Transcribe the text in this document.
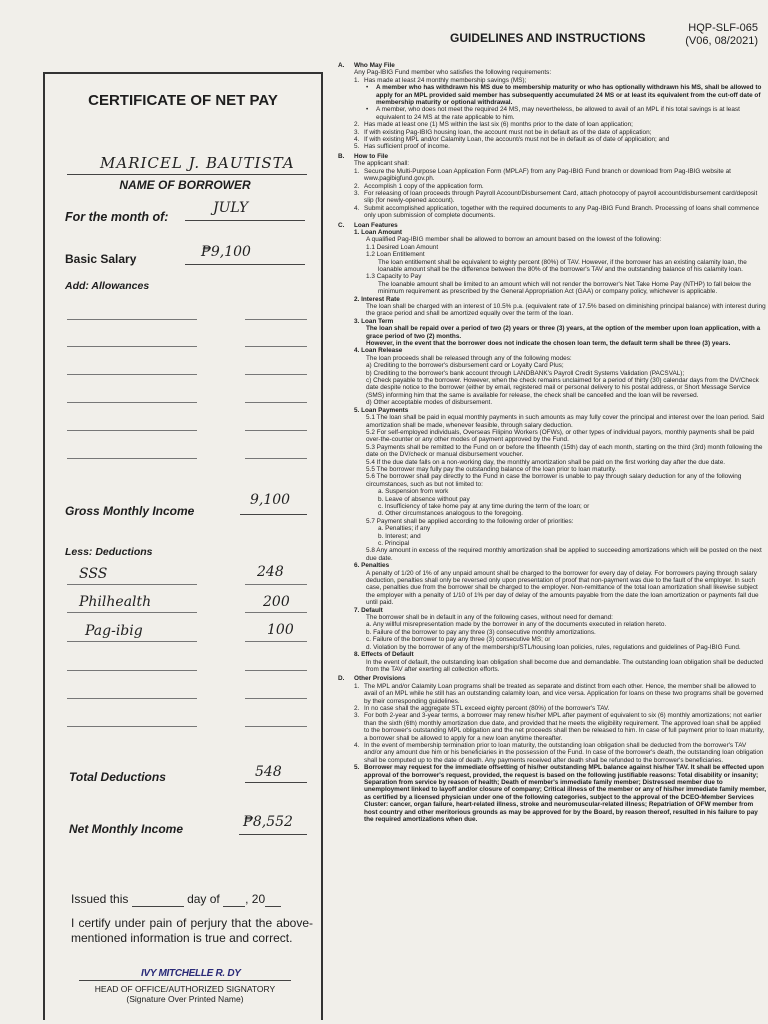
HQP-SLF-065
(V06, 08/2021)
GUIDELINES AND INSTRUCTIONS
CERTIFICATE OF NET PAY
MARICEL J. BAUTISTA
NAME OF BORROWER
For the month of:
JULY
Basic Salary	₱9,100
Add: Allowances
Gross Monthly Income
9,100
Less: Deductions
SSS	248
Philhealth	200
Pag-ibig	100
Total Deductions	548
Net Monthly Income	₱8,552
Issued this	day of , 20
I certify under pain of perjury that the above-mentioned information is true and correct.
IVY MITCHELLE R. DY
HEAD OF OFFICE/AUTHORIZED SIGNATORY
(Signature Over Printed Name)
A. Who May File
Any Pag-IBIG Fund member who satisfies the following requirements:
1. Has made at least 24 monthly membership savings (MS);
• A member who has withdrawn his MS due to membership maturity or who has optionally withdrawn his MS, shall be allowed to apply for an MPL provided said member has subsequently accumulated 24 MS or at least its equivalent from the cut-off date of membership maturity or optional withdrawal.
• A member, who does not meet the required 24 MS, may nevertheless, be allowed to avail of an MPL if his total savings is at least equivalent to 24 MS at the rate applicable to him.
2. Has made at least one (1) MS within the last six (6) months prior to the date of loan application;
3. If with existing Pag-IBIG housing loan, the account must not be in default as of the date of application;
4. If with existing MPL and/or Calamity Loan, the account/s must not be in default as of date of application; and
5. Has sufficient proof of income.
B. How to File
The applicant shall:
1. Secure the Multi-Purpose Loan Application Form (MPLAF) from any Pag-IBIG Fund branch or download from Pag-IBIG website at www.pagibigfund.gov.ph.
2. Accomplish 1 copy of the application form.
3. For releasing of loan proceeds through Payroll Account/Disbursement Card, attach photocopy of payroll account/disbursement card/deposit slip (for newly-opened account).
4. Submit accomplished application, together with the required documents to any Pag-IBIG Fund Branch. Processing of loans shall commence only upon submission of complete documents.
C. Loan Features
1. Loan Amount
A qualified Pag-IBIG member shall be allowed to borrow an amount based on the lowest of the following:
1.1 Desired Loan Amount
1.2 Loan Entitlement
The loan entitlement shall be equivalent to eighty percent (80%) of TAV. However, if the borrower has an existing calamity loan, the loanable amount shall be the difference between the 80% of the borrower's TAV and the outstanding balance of his calamity loan.
1.3 Capacity to Pay
The loanable amount shall be limited to an amount which will not render the borrower's Net Take Home Pay (NTHP) to fall below the minimum requirement as prescribed by the General Appropriation Act (GAA) or company policy, whichever is applicable.
2. Interest Rate
The loan shall be charged with an interest of 10.5% p.a. (equivalent rate of 17.5% based on diminishing principal balance) with interest during the grace period and shall be amortized equally over the term of the loan.
3. Loan Term
The loan shall be repaid over a period of two (2) years or three (3) years, at the option of the member upon loan application, with a grace period of two (2) months.
However, in the event that the borrower does not indicate the chosen loan term, the default term shall be three (3) years.
4. Loan Release
The loan proceeds shall be released through any of the following modes:
a) Crediting to the borrower's disbursement card or Loyalty Card Plus;
b) Crediting to the borrower's bank account through LANDBANK's Payroll Credit Systems Validation (PACSVAL);
c) Check payable to the borrower. However, when the check remains unclaimed for a period of thirty (30) calendar days from the DV/Check date despite notice to the borrower (either by email, registered mail or personal delivery to his postal address, or Short Message Service (SMS) informing him that the same is available for release, the check shall be cancelled and the loan will be reversed.
d) Other acceptable modes of disbursement.
5. Loan Payments
5.1 The loan shall be paid in equal monthly payments in such amounts as may fully cover the principal and interest over the loan period. Said amortization shall be made, whenever feasible, through salary deduction.
5.2 For self-employed individuals, Overseas Filipino Workers (OFWs), or other types of individual payors, monthly payments shall be paid over-the-counter or any other modes of payment approved by the Fund.
5.3 Payments shall be remitted to the Fund on or before the fifteenth (15th) day of each month, starting on the third (3rd) month following the date on the DV/check or manual disbursement voucher.
5.4 If the due date falls on a non-working day, the monthly amortization shall be paid on the first working day after the due date.
5.5 The borrower may fully pay the outstanding balance of the loan prior to loan maturity.
5.6 The borrower shall pay directly to the Fund in case the borrower is unable to pay through salary deduction for any of the following circumstances, such as but not limited to:
a. Suspension from work
b. Leave of absence without pay
c. Insufficiency of take home pay at any time during the term of the loan; or
d. Other circumstances analogous to the foregoing.
5.7 Payment shall be applied according to the following order of priorities:
a. Penalties; if any
b. Interest; and
c. Principal
5.8 Any amount in excess of the required monthly amortization shall be applied to succeeding amortizations which will be posted on the next due date.
6. Penalties
A penalty of 1/20 of 1% of any unpaid amount shall be charged to the borrower for every day of delay. For borrowers paying through salary deduction, penalties shall only be reversed only upon presentation of proof that non-payment was due to the fault of the employer. In such case, penalties due from the borrower shall be charged to the employer. Non-remittance of the total loan amortization shall likewise subject the employer with a penalty of 1/10 of 1% per day of delay of the amounts payable from the date the loan amortization or payments fall due until paid.
7. Default
The borrower shall be in default in any of the following cases, without need for demand:
a. Any willful misrepresentation made by the borrower in any of the documents executed in relation hereto.
b. Failure of the borrower to pay any three (3) consecutive monthly amortizations.
c. Failure of the borrower to pay any three (3) consecutive MS; or
d. Violation by the borrower of any of the membership/STL/housing loan policies, rules, regulations and guidelines of Pag-IBIG Fund.
8. Effects of Default
In the event of default, the outstanding loan obligation shall become due and demandable. The outstanding loan obligation shall be deducted from the TAV after exerting all collection efforts.
D. Other Provisions
1. The MPL and/or Calamity Loan programs shall be treated as separate and distinct from each other. Hence, the member shall be allowed to avail of an MPL while he still has an outstanding calamity loan, and vice versa. Application for loans on these two programs shall be governed by their corresponding guidelines.
2. In no case shall the aggregate STL exceed eighty percent (80%) of the borrower's TAV.
3. For both 2-year and 3-year terms, a borrower may renew his/her MPL after payment of equivalent to six (6) monthly amortizations; not earlier than the sixth (6th) monthly amortization due date, and provided that he meets the eligibility requirement. The approved loan shall be applied to the borrower's outstanding MPL obligation and the net proceeds shall then be released to him. In case of full payment prior to loan maturity, a borrower shall be allowed to apply for a new loan anytime thereafter.
4. In the event of membership termination prior to loan maturity, the outstanding loan obligation shall be deducted from the borrower's TAV and/or any amount due him or his beneficiaries in the possession of the Fund. In case of the borrower's death, the outstanding loan obligation shall be computed up to the date of death. Any payments received after death shall be refunded to the borrower's beneficiaries.
5. Borrower may request for the immediate offsetting of his/her outstanding MPL balance against his/her TAV. It shall be effected upon approval of the borrower's request, provided, the request is based on the following justifiable reasons: Total disability or insanity; Separation from service by reason of health; Death of member's immediate family member; Distressed member due to unemployment linked to layoff and/or closure of company; Critical illness of the member or any of his/her immediate family member, as certified by a licensed physician under one of the following categories, subject to the approval of the DCEO-Member Services Cluster: cancer, organ failure, heart-related illness, stroke and neuromuscular-related illness; Repatriation of OFW member from host country and other meritorious grounds as may be approved for by the Board, by reason thereof, resulted in his failure to pay the required amortizations when due.
